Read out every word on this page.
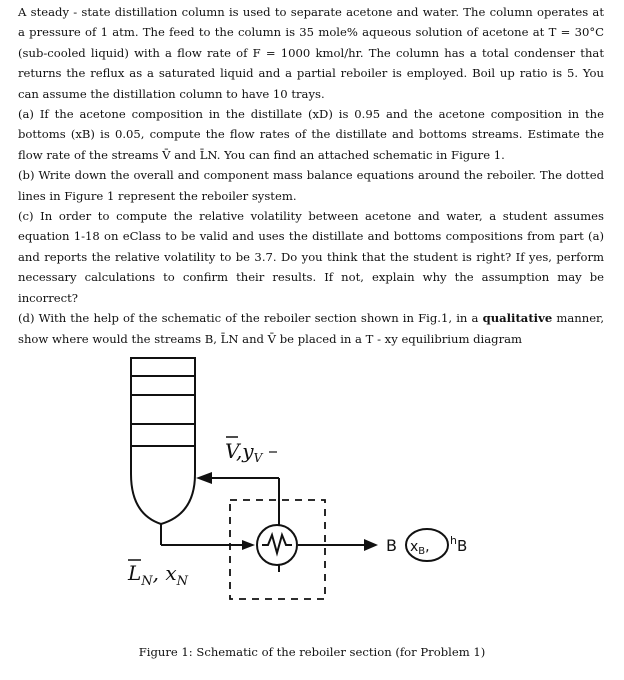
A steady - state distillation column is used to separate acetone and water. The column operates at a pressure of 1 atm. The feed to the column is 35 mole% aqueous solution of acetone at T = 30°C (sub-cooled liquid) with a flow rate of F = 1000 kmol/hr. The column has a total condenser that returns the reflux as a saturated liquid and a partial reboiler is employed. Boil up ratio is 5. You can assume the distillation column to have 10 trays.

(a) If the acetone composition in the distillate (xD) is 0.95 and the acetone composition in the bottoms (xB) is 0.05, compute the flow rates of the distillate and bottoms streams. Estimate the flow rate of the streams V̄ and L̄N. You can find an attached schematic in Figure 1.

(b) Write down the overall and component mass balance equations around the reboiler. The dotted lines in Figure 1 represent the reboiler system.

(c) In order to compute the relative volatility between acetone and water, a student assumes equation 1-18 on eClass to be valid and uses the distillate and bottoms compositions from part (a) and reports the relative volatility to be 3.7. Do you think that the student is right? If yes, perform necessary calculations to confirm their results. If not, explain why the assumption may be incorrect?

(d) With the help of the schematic of the reboiler section shown in Fig.1, in a qualitative manner, show where would the streams B, L̄N and V̄ be placed in a T - xy equilibrium diagram

B $x_B$, $^h$B
$V,y_V$
$L_N$, $x_N$
Figure 1: Schematic of the reboiler section (for Problem 1)
